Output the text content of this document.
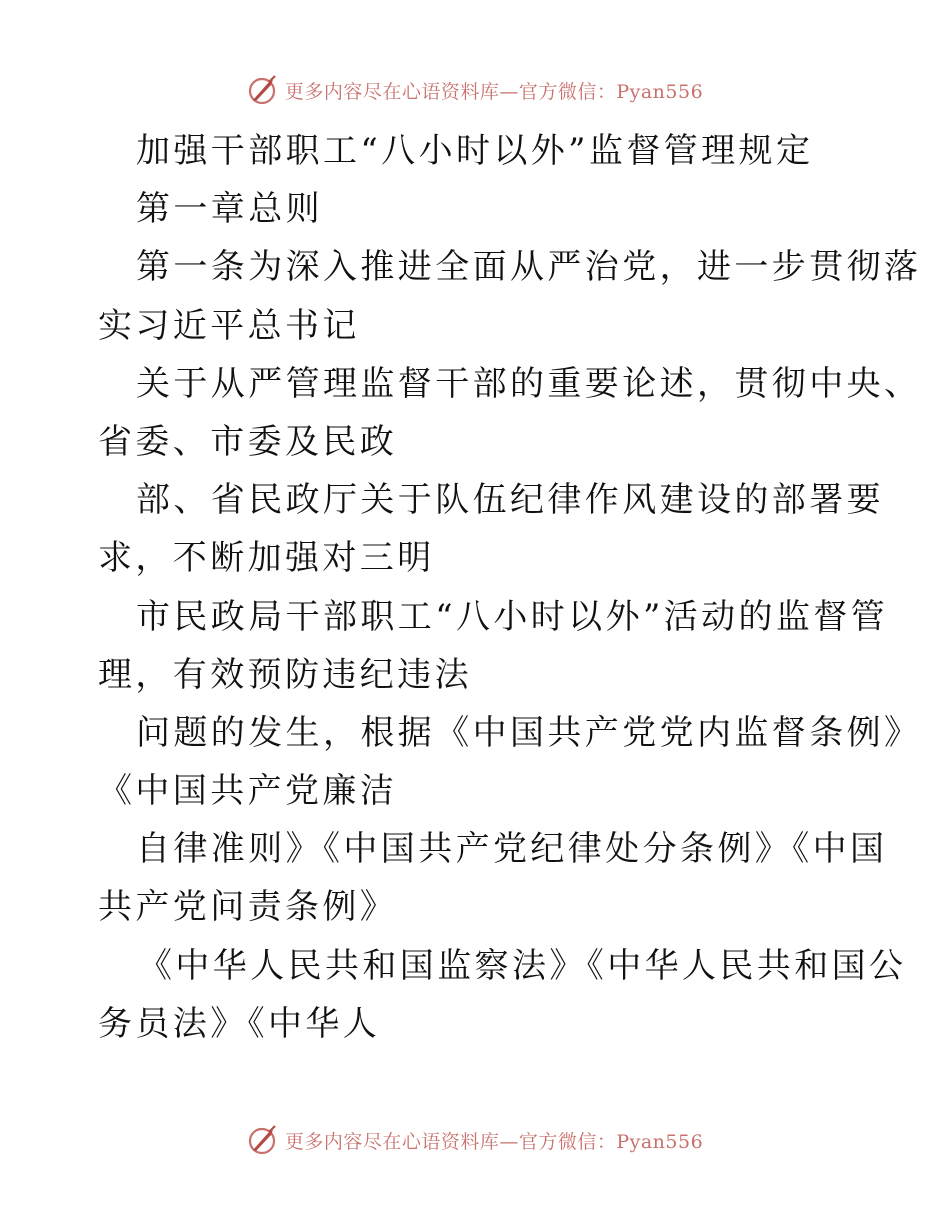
更多内容尽在心语资料库—官方微信：Pyan556

加强干部职工“八小时以外”监督管理规定

第一章总则

第一条为深入推进全面从严治党，进一步贯彻落

实习近平总书记

关于从严管理监督干部的重要论述，贯彻中央、

省委、市委及民政

部、省民政厅关于队伍纪律作风建设的部署要

求，不断加强对三明

市民政局干部职工“八小时以外”活动的监督管

理，有效预防违纪违法

问题的发生，根据《中国共产党党内监督条例》

《中国共产党廉洁

自律准则》《中国共产党纪律处分条例》《中国

共产党问责条例》

《中华人民共和国监察法》《中华人民共和国公

务员法》《中华人

更多内容尽在心语资料库—官方微信：Pyan556
